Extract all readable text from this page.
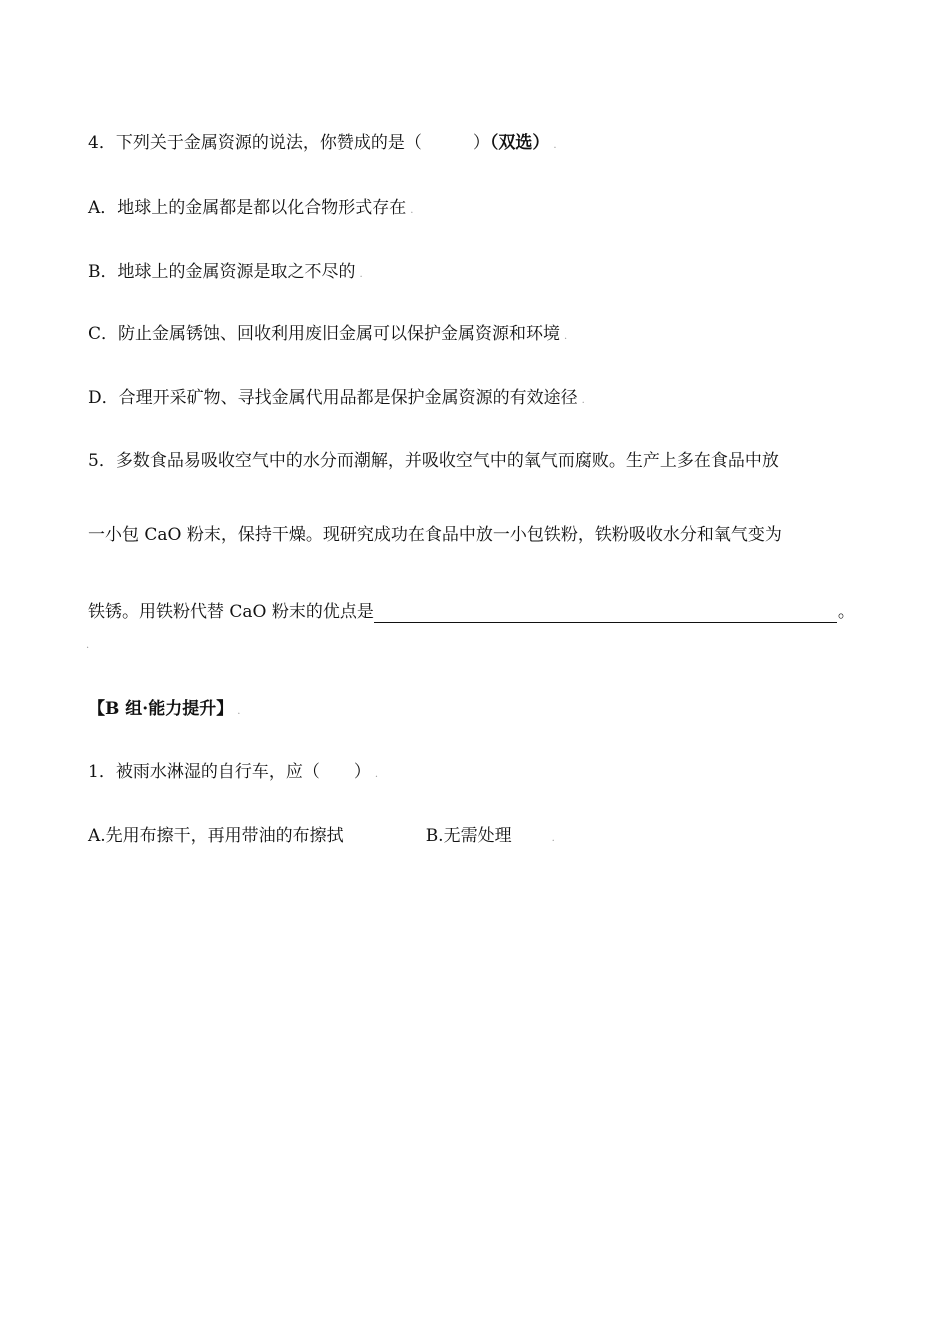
4．下列关于金属资源的说法，你赞成的是（　　　）（双选） .
A．地球上的金属都是都以化合物形式存在 .
B．地球上的金属资源是取之不尽的 .
C．防止金属锈蚀、回收利用废旧金属可以保护金属资源和环境 .
D．合理开采矿物、寻找金属代用品都是保护金属资源的有效途径 .
5．多数食品易吸收空气中的水分而潮解，并吸收空气中的氧气而腐败。生产上多在食品中放
一小包 CaO 粉末，保持干燥。现研究成功在食品中放一小包铁粉，铁粉吸收水分和氧气变为
铁锈。用铁粉代替 CaO 粉末的优点是	。
.
【B 组·能力提升】 .
1．被雨水淋湿的自行车，应（　　） .
A.先用布擦干，再用带油的布擦拭	B.无需处理	.
